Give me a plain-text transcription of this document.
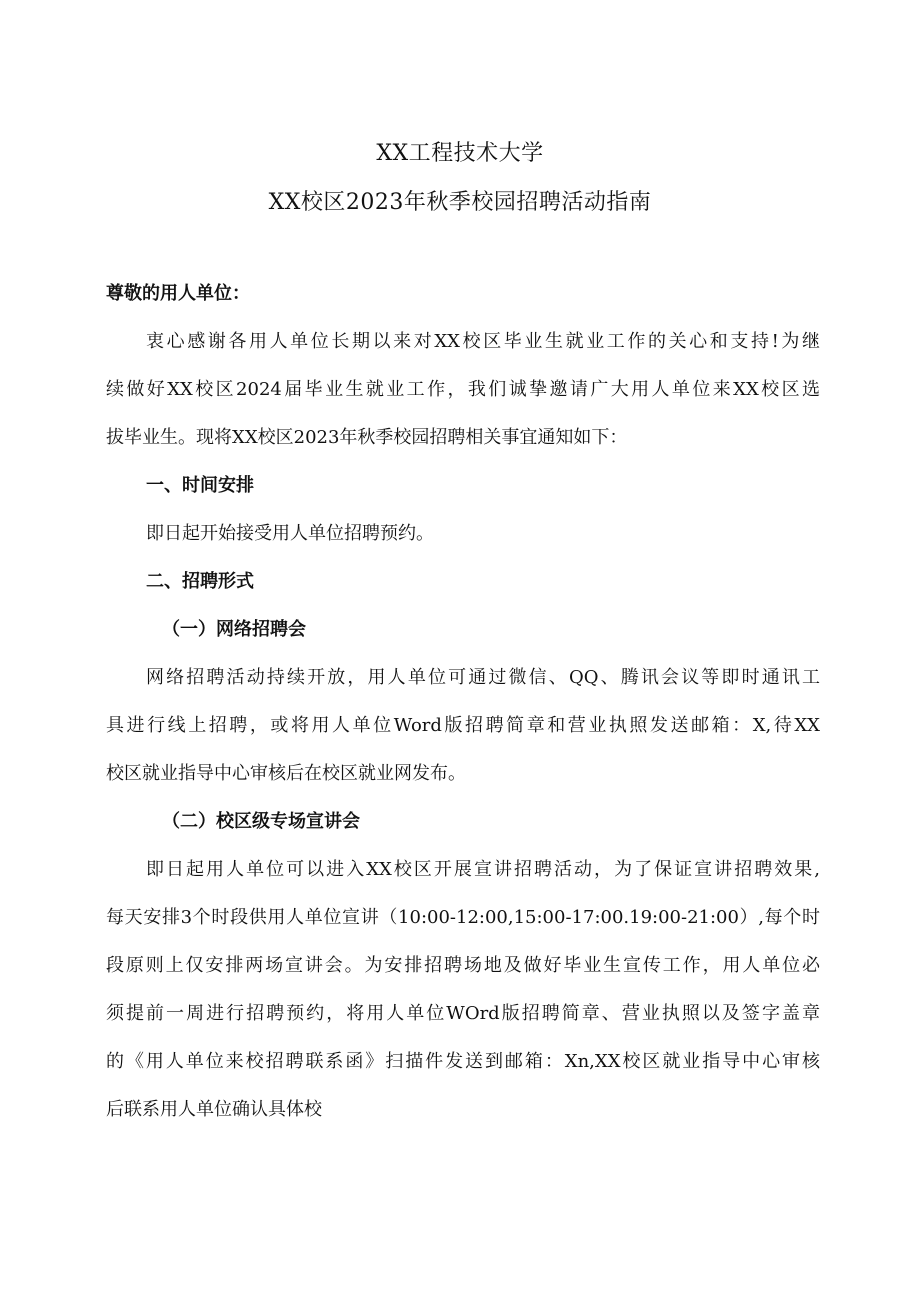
XX工程技术大学
XX校区2023年秋季校园招聘活动指南
尊敬的用人单位：
衷心感谢各用人单位长期以来对XX校区毕业生就业工作的关心和支持!为继
续做好XX校区2024届毕业生就业工作，我们诚挚邀请广大用人单位来XX校区选
拔毕业生。现将XX校区2023年秋季校园招聘相关事宜通知如下：
一、时间安排
即日起开始接受用人单位招聘预约。
二、招聘形式
（一）网络招聘会
网络招聘活动持续开放，用人单位可通过微信、QQ、腾讯会议等即时通讯工
具进行线上招聘，或将用人单位Word版招聘简章和营业执照发送邮箱：X,待XX
校区就业指导中心审核后在校区就业网发布。
（二）校区级专场宣讲会
即日起用人单位可以进入XX校区开展宣讲招聘活动，为了保证宣讲招聘效果,
每天安排3个时段供用人单位宣讲（10:00-12:00,15:00-17:00.19:00-21:00）,每个时
段原则上仅安排两场宣讲会。为安排招聘场地及做好毕业生宣传工作，用人单位必
须提前一周进行招聘预约，将用人单位WOrd版招聘简章、营业执照以及签字盖章
的《用人单位来校招聘联系函》扫描件发送到邮箱：Xn,XX校区就业指导中心审核
后联系用人单位确认具体校
